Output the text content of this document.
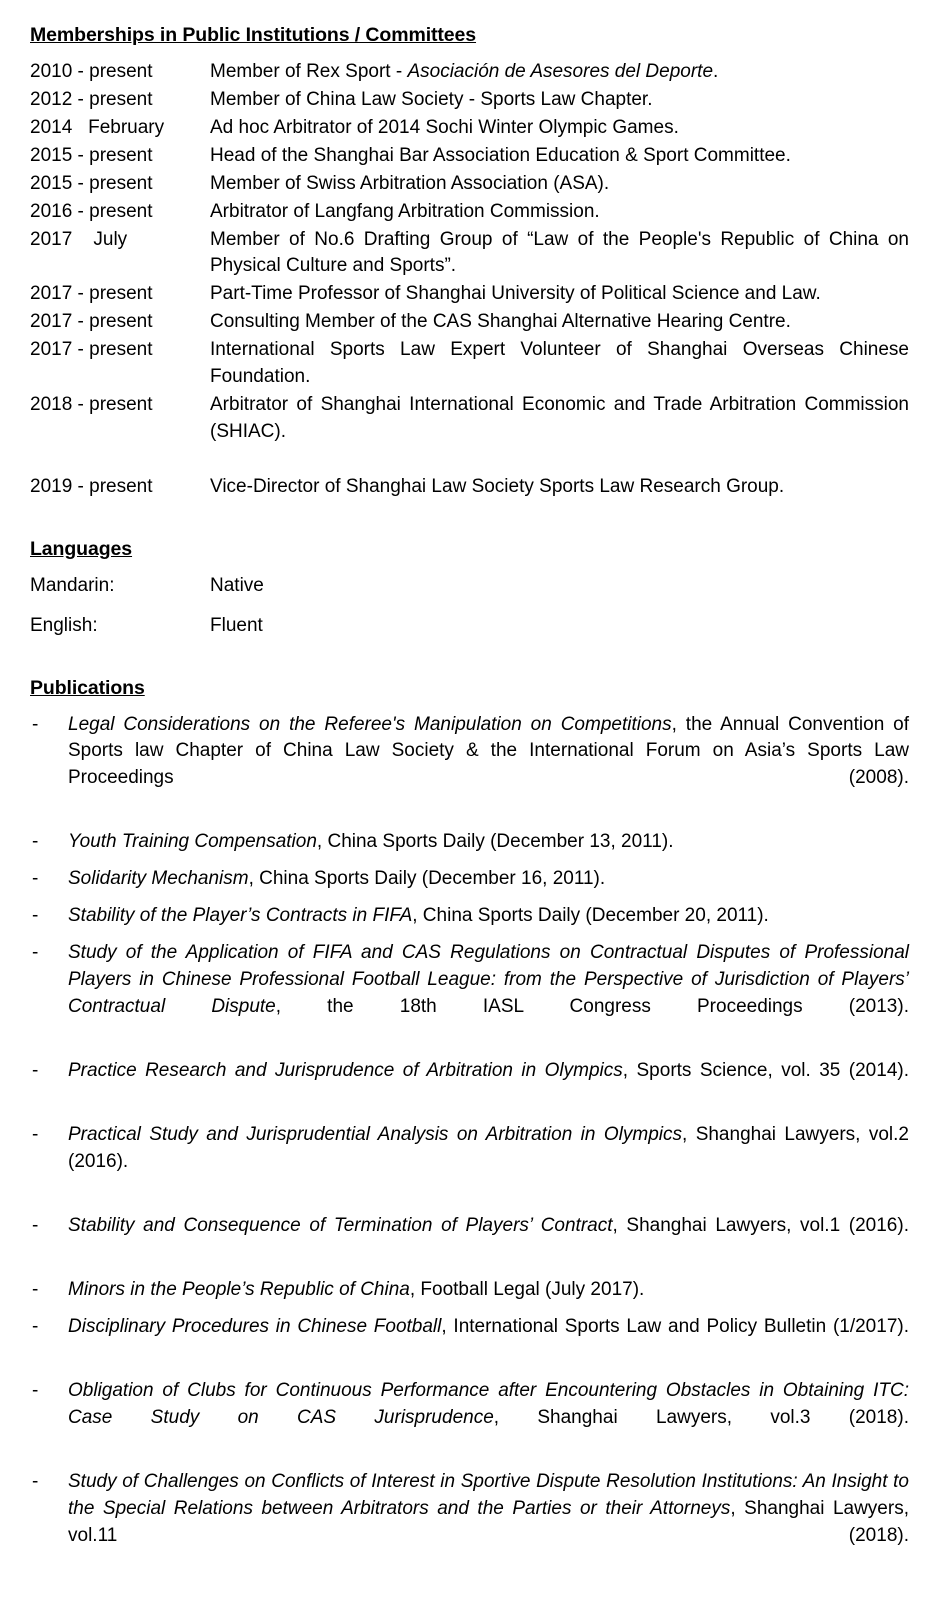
Memberships in Public Institutions / Committees
2010 - present	Member of Rex Sport - Asociación de Asesores del Deporte.
2012 - present	Member of China Law Society - Sports Law Chapter.
2014   February	Ad hoc Arbitrator of 2014 Sochi Winter Olympic Games.
2015 - present	Head of the Shanghai Bar Association Education & Sport Committee.
2015 - present	Member of Swiss Arbitration Association (ASA).
2016 - present	Arbitrator of Langfang Arbitration Commission.
2017    July	Member of No.6 Drafting Group of “Law of the People's Republic of China on Physical Culture and Sports”.
2017 - present	Part-Time Professor of Shanghai University of Political Science and Law.
2017 - present	Consulting Member of the CAS Shanghai Alternative Hearing Centre.
2017 - present	International Sports Law Expert Volunteer of Shanghai Overseas Chinese Foundation.
2018 - present	Arbitrator of Shanghai International Economic and Trade Arbitration Commission (SHIAC).
2019 - present	Vice-Director of Shanghai Law Society Sports Law Research Group.
Languages
Mandarin:	Native
English:	Fluent
Publications
- Legal Considerations on the Referee's Manipulation on Competitions, the Annual Convention of Sports law Chapter of China Law Society & the International Forum on Asia’s Sports Law Proceedings (2008).
- Youth Training Compensation, China Sports Daily (December 13, 2011).
- Solidarity Mechanism, China Sports Daily (December 16, 2011).
- Stability of the Player’s Contracts in FIFA, China Sports Daily (December 20, 2011).
- Study of the Application of FIFA and CAS Regulations on Contractual Disputes of Professional Players in Chinese Professional Football League: from the Perspective of Jurisdiction of Players’ Contractual Dispute, the 18th IASL Congress Proceedings (2013).
- Practice Research and Jurisprudence of Arbitration in Olympics, Sports Science, vol. 35 (2014).
- Practical Study and Jurisprudential Analysis on Arbitration in Olympics, Shanghai Lawyers, vol.2 (2016).
- Stability and Consequence of Termination of Players’ Contract, Shanghai Lawyers, vol.1 (2016).
- Minors in the People’s Republic of China, Football Legal (July 2017).
- Disciplinary Procedures in Chinese Football, International Sports Law and Policy Bulletin (1/2017).
- Obligation of Clubs for Continuous Performance after Encountering Obstacles in Obtaining ITC: Case Study on CAS Jurisprudence, Shanghai Lawyers, vol.3 (2018).
- Study of Challenges on Conflicts of Interest in Sportive Dispute Resolution Institutions: An Insight to the Special Relations between Arbitrators and the Parties or their Attorneys, Shanghai Lawyers, vol.11 (2018).
